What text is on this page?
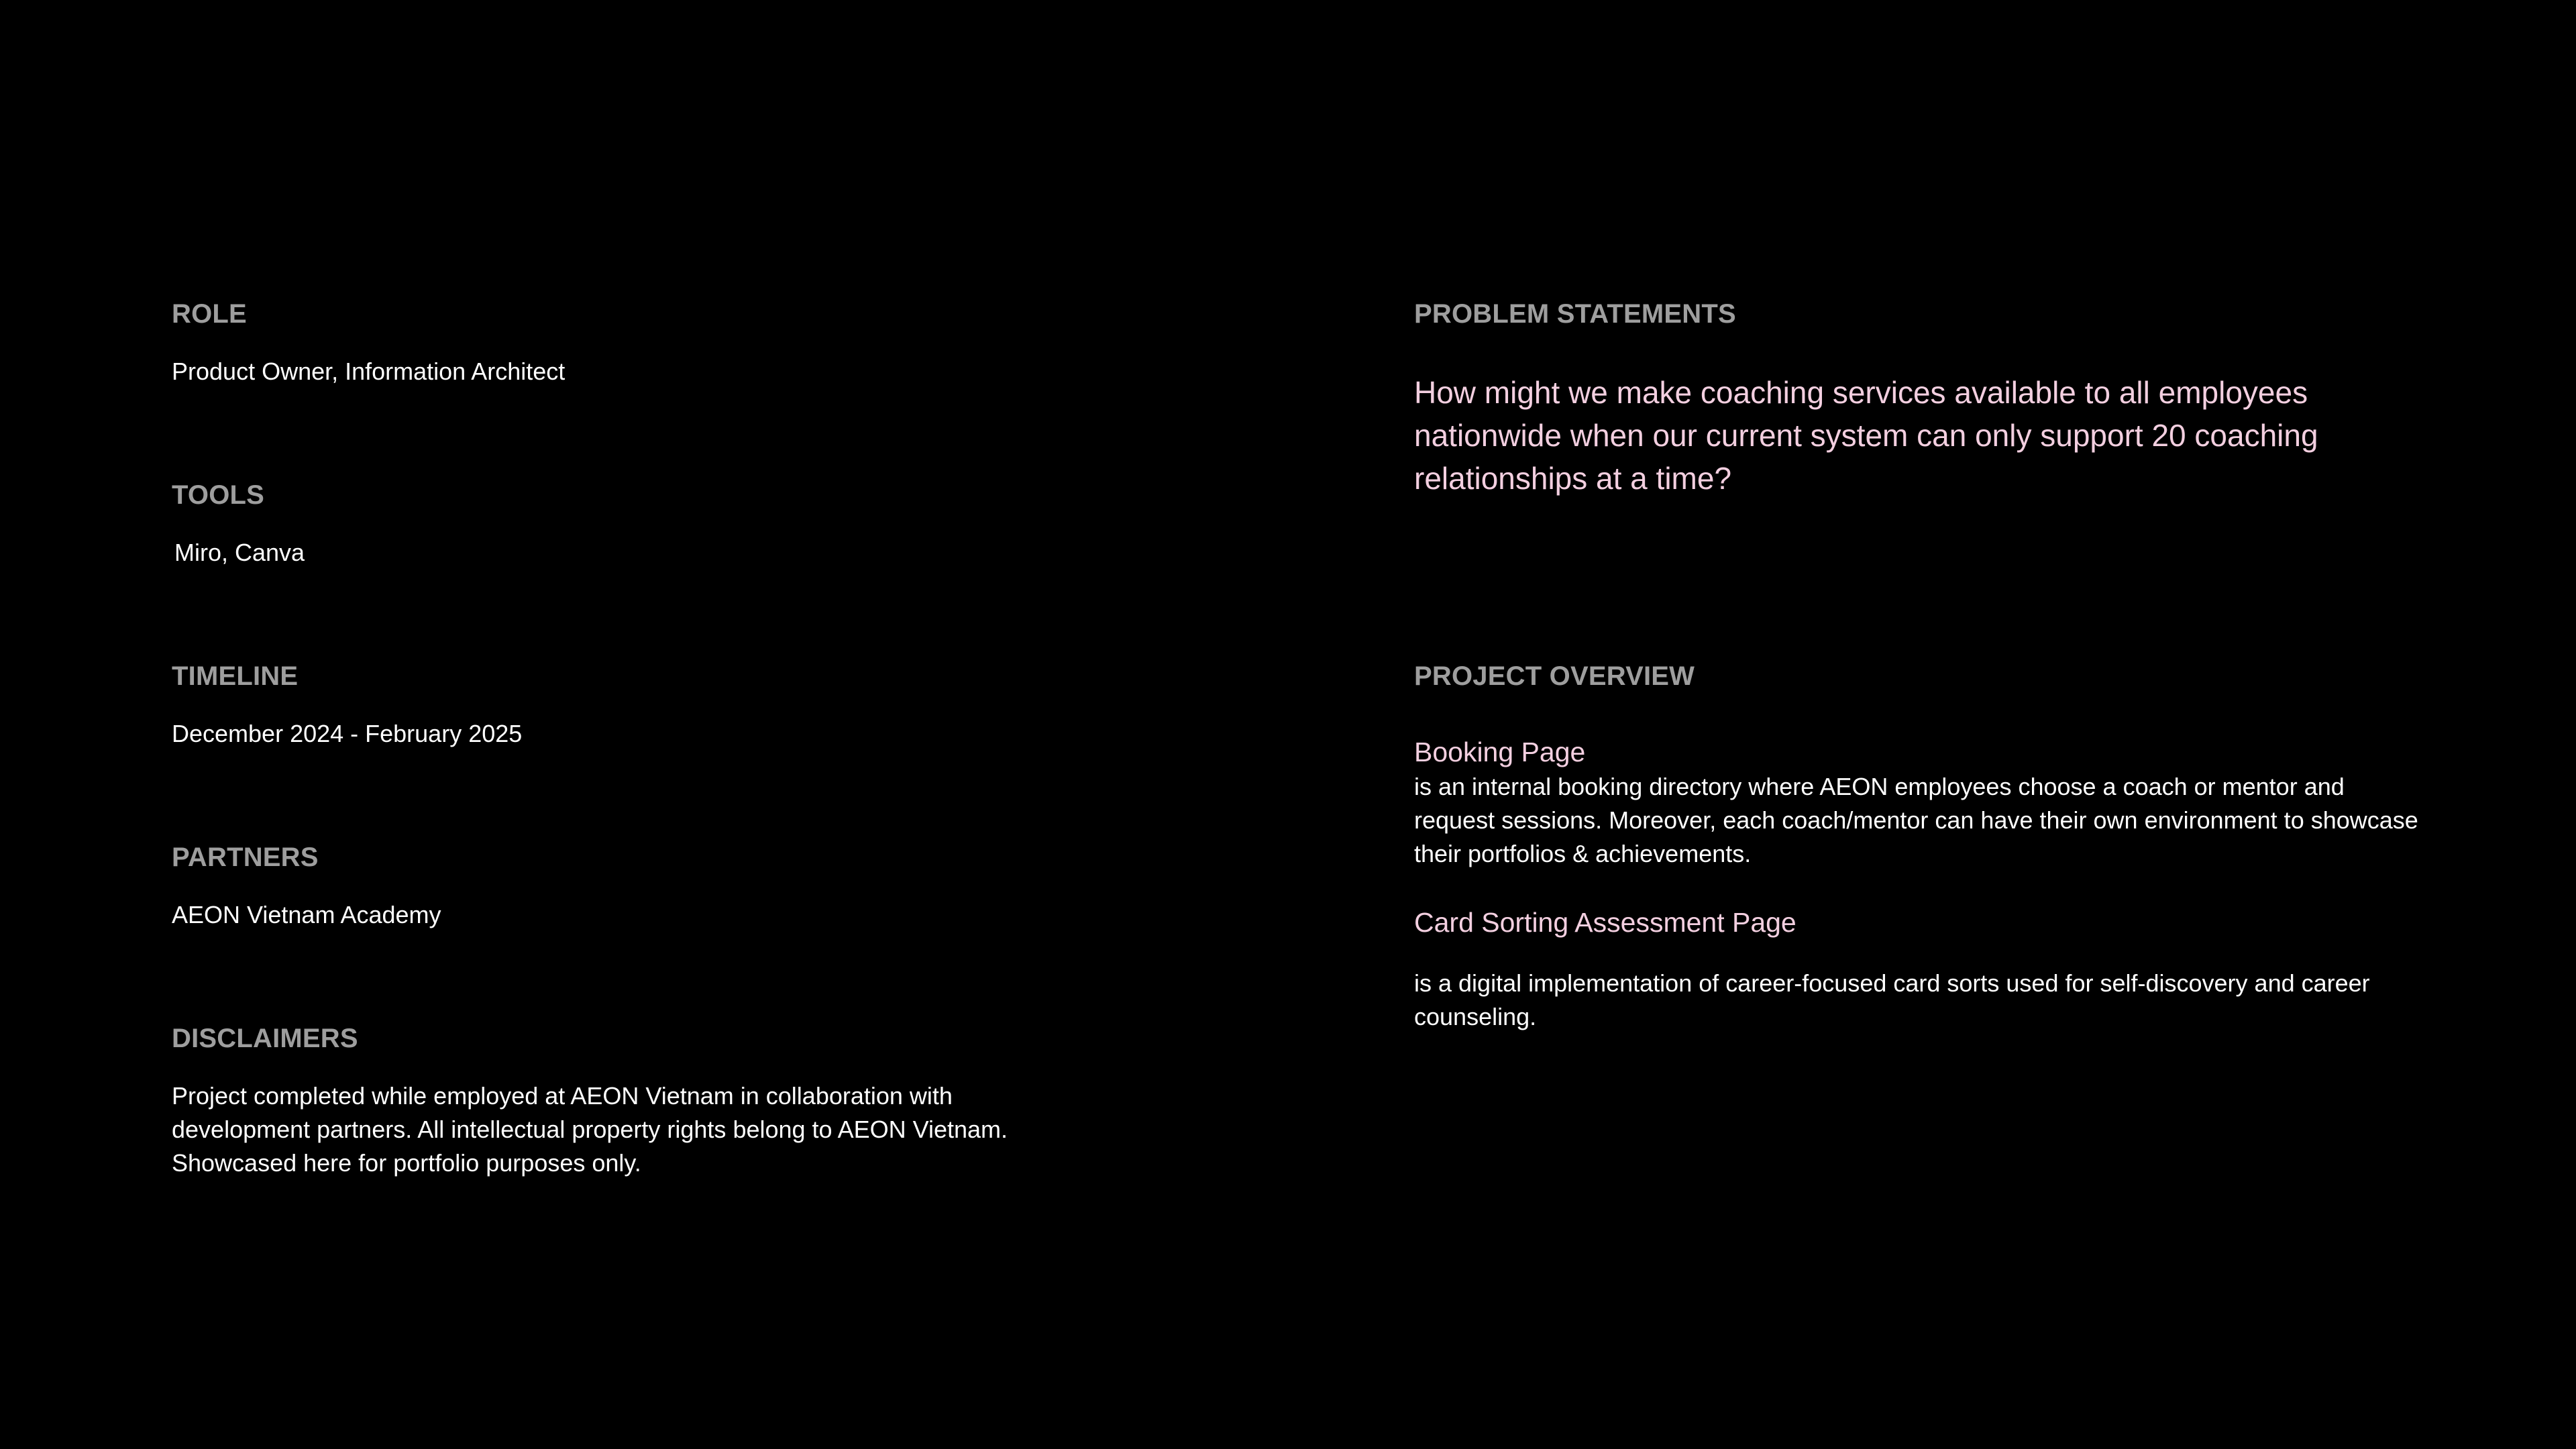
ROLE

Product Owner, Information Architect

TOOLS

Miro, Canva

TIMELINE

December 2024 - February 2025

PARTNERS

AEON Vietnam Academy

DISCLAIMERS

Project completed while employed at AEON Vietnam in collaboration with development partners. All intellectual property rights belong to AEON Vietnam. Showcased here for portfolio purposes only.

PROBLEM STATEMENTS

How might we make coaching services available to all employees nationwide when our current system can only support 20 coaching relationships at a time?

PROJECT OVERVIEW

Booking Page

is an internal booking directory where AEON employees choose a coach or mentor and request sessions. Moreover, each coach/mentor can have their own environment to showcase their portfolios & achievements.

Card Sorting Assessment Page

is a digital implementation of career-focused card sorts used for self-discovery and career counseling.
